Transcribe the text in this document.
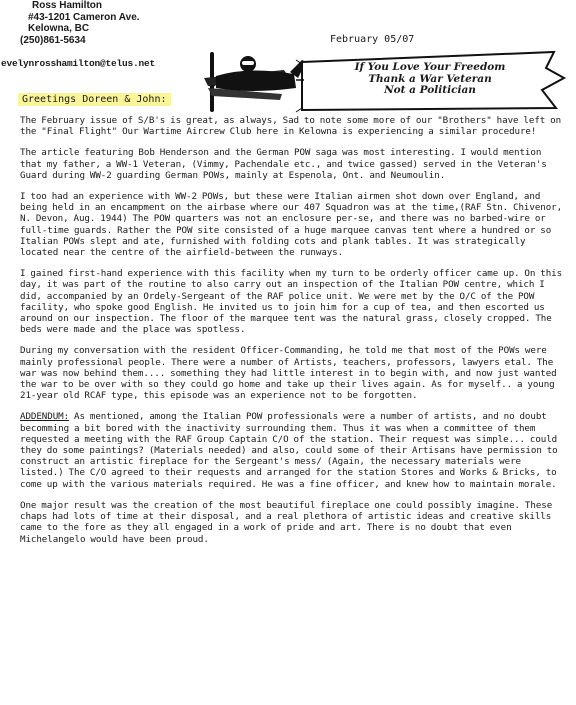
Ross Hamilton
#43-1201 Cameron Ave.
Kelowna, BC
(250)861-5634	February 05/07
evelynrosshamilton@telus.net	If You Love Your Freedom
Thank a War Veteran
Not a Politician
Greetings Doreen & John:

The February issue of S/B's is great, as always, Sad to note some more of our "Brothers" have left on the "Final Flight" Our Wartime Aircrew Club here in Kelowna is experiencing a similar procedure!

The article featuring Bob Henderson and the German POW saga was most interesting. I would mention that my father, a WW-1 Veteran, (Vimmy, Pachendale etc., and twice gassed) served in the Veteran's Guard during WW-2 guarding German POWs, mainly at Espenola, Ont. and Neumoulin.

I too had an experience with WW-2 POWs, but these were Italian airmen shot down over England, and being held in an encampment on the airbase where our 407 Squadron was at the time,(RAF Stn. Chivenor, N. Devon, Aug. 1944) The POW quarters was not an enclosure per-se, and there was no barbed-wire or full-time guards. Rather the POW site consisted of a huge marquee canvas tent where a hundred or so Italian POWs slept and ate, furnished with folding cots and plank tables. It was strategically located near the centre of the airfield-between the runways.

I gained first-hand experience with this facility when my turn to be orderly officer came up. On this day, it was part of the routine to also carry out an inspection of the Italian POW centre, which I did, accompanied by an Ordely-Sergeant of the RAF police unit. We were met by the O/C of the POW facility, who spoke good English. He invited us to join him for a cup of tea, and then escorted us around on our inspection. The floor of the marquee tent was the natural grass, closely cropped. The beds were made and the place was spotless.

During my conversation with the resident Officer-Commanding, he told me that most of the POWs were mainly professional people. There were a number of Artists, teachers, professors, lawyers etal. The war was now behind them.... something they had little interest in to begin with, and now just wanted the war to be over with so they could go home and take up their lives again. As for myself.. a young 21-year old RCAF type, this episode was an experience not to be forgotten.

ADDENDUM: As mentioned, among the Italian POW professionals were a number of artists, and no doubt becomming a bit bored with the inactivity surrounding them. Thus it was when a committee of them requested a meeting with the RAF Group Captain C/O of the station. Their request was simple... could they do some paintings? (Materials needed) and also, could some of their Artisans have permission to construct an artistic fireplace for the Sergeant's mess/ (Again, the necessary materials were listed.) The C/O agreed to their requests and arranged for the station Stores and Works & Bricks, to come up with the various materials required. He was a fine officer, and knew how to maintain morale.

One major result was the creation of the most beautiful fireplace one could possibly imagine. These chaps had lots of time at their disposal, and a real plethora of artistic ideas and creative skills came to the fore as they all engaged in a work of pride and art. There is no doubt that even Michelangelo would have been proud.
